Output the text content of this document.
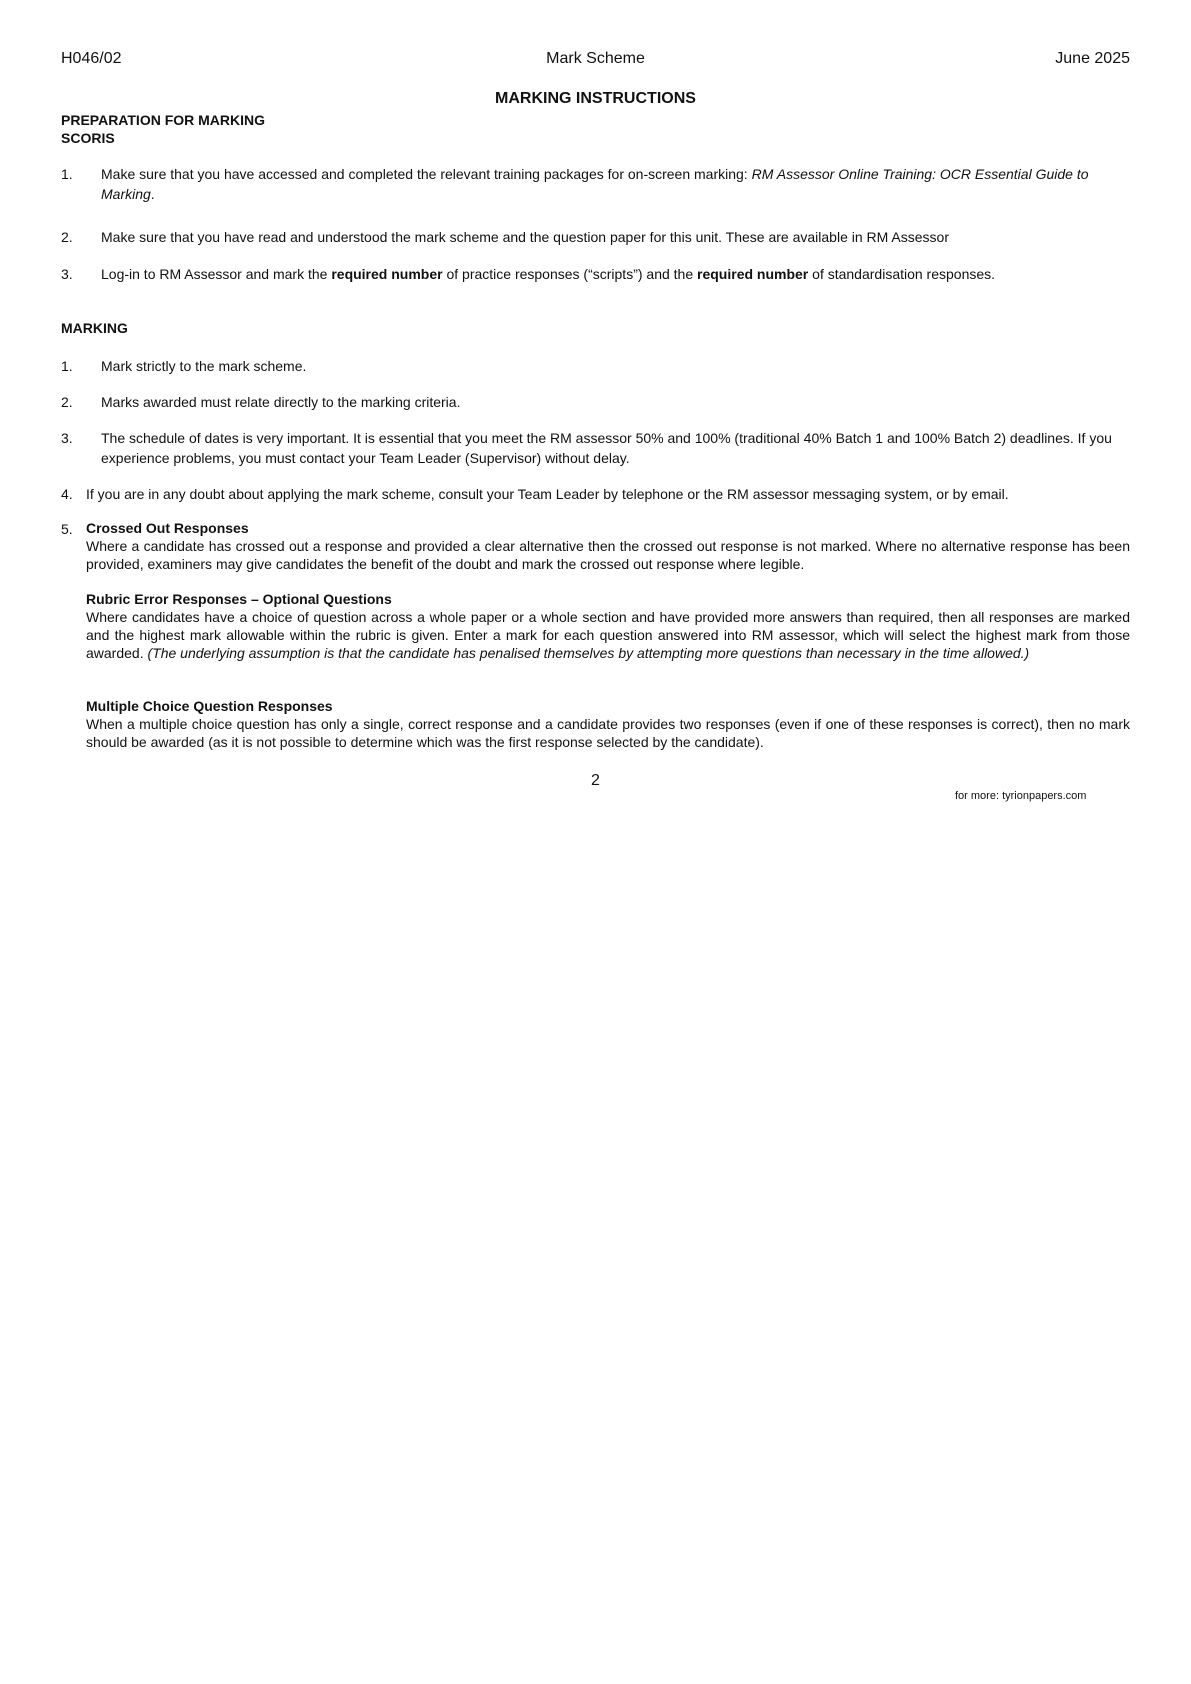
H046/02	Mark Scheme	June 2025
MARKING INSTRUCTIONS
PREPARATION FOR MARKING
SCORIS
1. Make sure that you have accessed and completed the relevant training packages for on-screen marking: RM Assessor Online Training: OCR Essential Guide to Marking.
2. Make sure that you have read and understood the mark scheme and the question paper for this unit. These are available in RM Assessor
3. Log-in to RM Assessor and mark the required number of practice responses (“scripts”) and the required number of standardisation responses.
MARKING
1. Mark strictly to the mark scheme.
2. Marks awarded must relate directly to the marking criteria.
3. The schedule of dates is very important. It is essential that you meet the RM assessor 50% and 100% (traditional 40% Batch 1 and 100% Batch 2) deadlines. If you experience problems, you must contact your Team Leader (Supervisor) without delay.
4. If you are in any doubt about applying the mark scheme, consult your Team Leader by telephone or the RM assessor messaging system, or by email.
5. Crossed Out Responses
Where a candidate has crossed out a response and provided a clear alternative then the crossed out response is not marked. Where no alternative response has been provided, examiners may give candidates the benefit of the doubt and mark the crossed out response where legible.
Rubric Error Responses – Optional Questions
Where candidates have a choice of question across a whole paper or a whole section and have provided more answers than required, then all responses are marked and the highest mark allowable within the rubric is given. Enter a mark for each question answered into RM assessor, which will select the highest mark from those awarded. (The underlying assumption is that the candidate has penalised themselves by attempting more questions than necessary in the time allowed.)
Multiple Choice Question Responses
When a multiple choice question has only a single, correct response and a candidate provides two responses (even if one of these responses is correct), then no mark should be awarded (as it is not possible to determine which was the first response selected by the candidate).
2
for more: tyrionpapers.com
